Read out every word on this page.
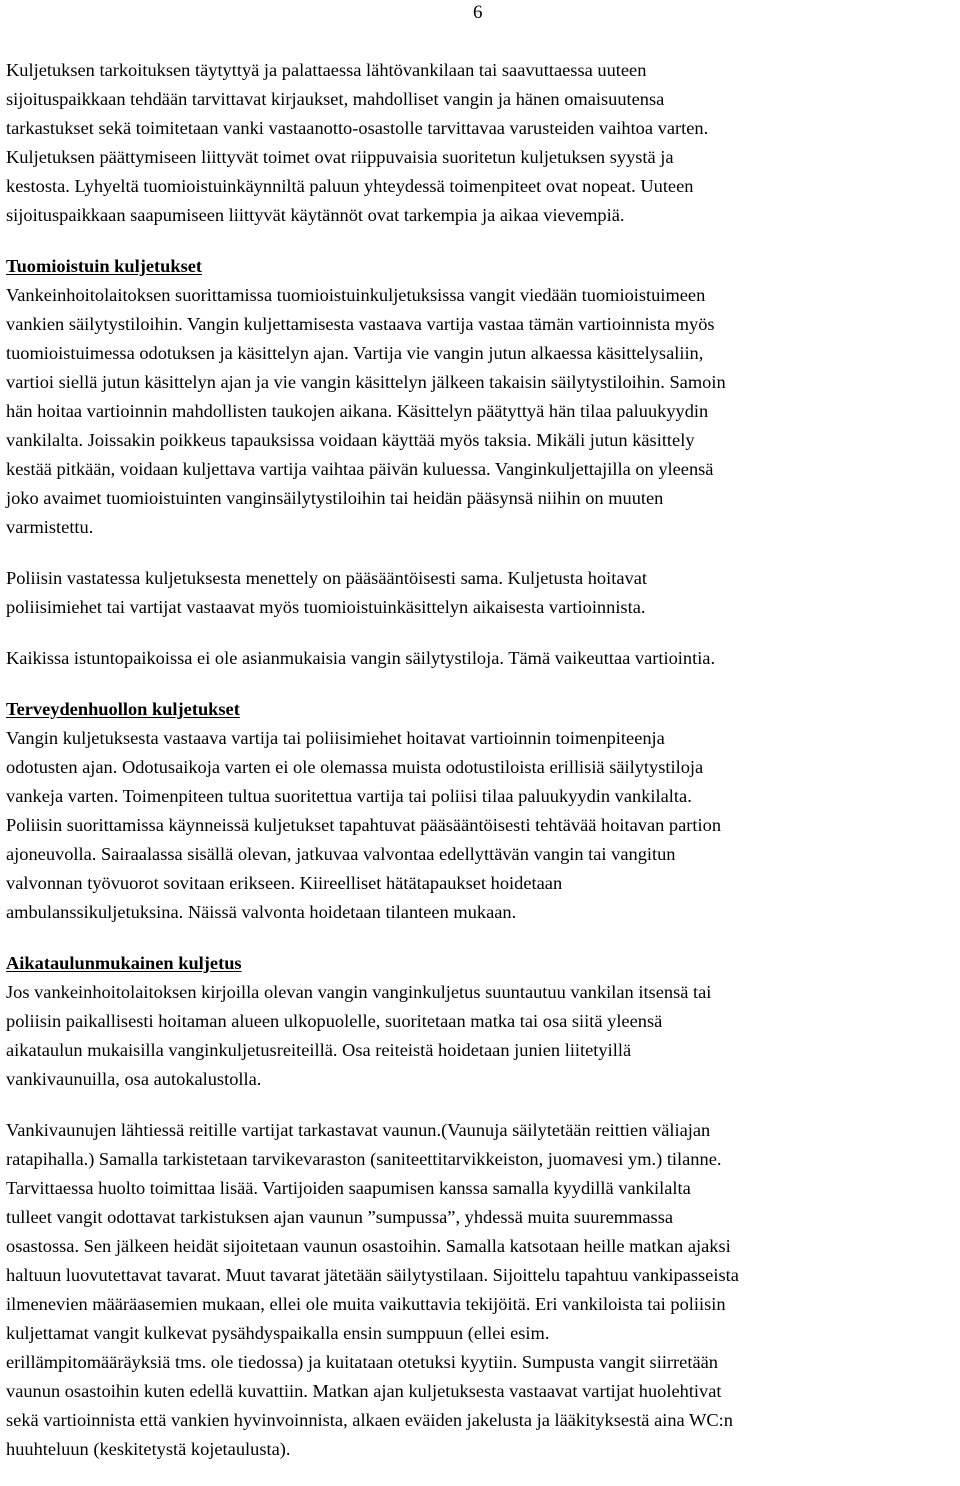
6
Kuljetuksen tarkoituksen täytyttyä ja palattaessa lähtövankilaan tai saavuttaessa uuteen
sijoituspaikkaan tehdään tarvittavat kirjaukset, mahdolliset vangin ja hänen omaisuutensa
tarkastukset sekä toimitetaan vanki vastaanotto-osastolle tarvittavaa varusteiden vaihtoa varten.
Kuljetuksen päättymiseen liittyvät toimet ovat riippuvaisia suoritetun kuljetuksen syystä ja
kestosta. Lyhyeltä tuomioistuinkäynniltä paluun yhteydessä toimenpiteet ovat nopeat. Uuteen
sijoituspaikkaan saapumiseen liittyvät käytännöt ovat tarkempia ja aikaa vievempiä.
Tuomioistuin kuljetukset
Vankeinhoitolaitoksen suorittamissa tuomioistuinkuljetuksissa vangit viedään tuomioistuimeen
vankien säilytystiloihin. Vangin kuljettamisesta vastaava vartija vastaa tämän vartioinnista myös
tuomioistuimessa odotuksen ja käsittelyn ajan. Vartija vie vangin jutun alkaessa käsittelysaliin,
vartioi siellä jutun käsittelyn ajan ja vie vangin käsittelyn jälkeen takaisin säilytystiloihin. Samoin
hän hoitaa vartioinnin mahdollisten taukojen aikana. Käsittelyn päätyttyä hän tilaa paluukyydin
vankilalta. Joissakin poikkeus tapauksissa voidaan käyttää myös taksia. Mikäli jutun käsittely
kestää pitkään, voidaan kuljettava vartija vaihtaa päivän kuluessa. Vanginkuljettajilla on yleensä
joko avaimet tuomioistuinten vanginsäilytystiloihin tai heidän pääsynsä niihin on muuten
varmistettu.
Poliisin vastatessa kuljetuksesta menettely on pääsääntöisesti sama. Kuljetusta hoitavat
poliisimiehet tai vartijat vastaavat myös tuomioistuinkäsittelyn aikaisesta vartioinnista.
Kaikissa istuntopaikoissa ei ole asianmukaisia vangin säilytystiloja. Tämä vaikeuttaa vartiointia.
Terveydenhuollon kuljetukset
Vangin kuljetuksesta vastaava vartija tai poliisimiehet hoitavat vartioinnin toimenpiteenja
odotusten ajan. Odotusaikoja varten ei ole olemassa muista odotustiloista erillisiä säilytystiloja
vankeja varten. Toimenpiteen tultua suoritettua vartija tai poliisi tilaa paluukyydin vankilalta.
Poliisin suorittamissa käynneissä kuljetukset tapahtuvat pääsääntöisesti tehtävää hoitavan partion
ajoneuvolla. Sairaalassa sisällä olevan, jatkuvaa valvontaa edellyttävän vangin tai vangitun
valvonnan työvuorot sovitaan erikseen. Kiireelliset hätätapaukset hoidetaan
ambulanssikuljetuksina. Näissä valvonta hoidetaan tilanteen mukaan.
Aikataulunmukainen kuljetus
Jos vankeinhoitolaitoksen kirjoilla olevan vangin vanginkuljetus suuntautuu vankilan itsensä tai
poliisin paikallisesti hoitaman alueen ulkopuolelle, suoritetaan matka tai osa siitä yleensä
aikataulun mukaisilla vanginkuljetusreiteillä. Osa reiteistä hoidetaan junien liitetyillä
vankivaunuilla, osa autokalustolla.
Vankivaunujen lähtiessä reitille vartijat tarkastavat vaunun.(Vaunuja säilytetään reittien väliajan
ratapihalla.) Samalla tarkistetaan tarvikevaraston (saniteettitarvikkeiston, juomavesi ym.) tilanne.
Tarvittaessa huolto toimittaa lisää. Vartijoiden saapumisen kanssa samalla kyydillä vankilalta
tulleet vangit odottavat tarkistuksen ajan vaunun ”sumpussa”, yhdessä muita suuremmassa
osastossa. Sen jälkeen heidät sijoitetaan vaunun osastoihin. Samalla katsotaan heille matkan ajaksi
haltuun luovutettavat tavarat. Muut tavarat jätetään säilytystilaan. Sijoittelu tapahtuu vankipasseista
ilmenevien määräasemien mukaan, ellei ole muita vaikuttavia tekijöitä. Eri vankiloista tai poliisin
kuljettamat vangit kulkevat pysähdyspaikalla ensin sumppuun (ellei esim.
erillämpitomääräyksiä tms. ole tiedossa) ja kuitataan otetuksi kyytiin. Sumpusta vangit siirretään
vaunun osastoihin kuten edellä kuvattiin. Matkan ajan kuljetuksesta vastaavat vartijat huolehtivat
sekä vartioinnista että vankien hyvinvoinnista, alkaen eväiden jakelusta ja lääkityksestä aina WC:n
huuhteluun (keskitetystä kojetaulusta).
